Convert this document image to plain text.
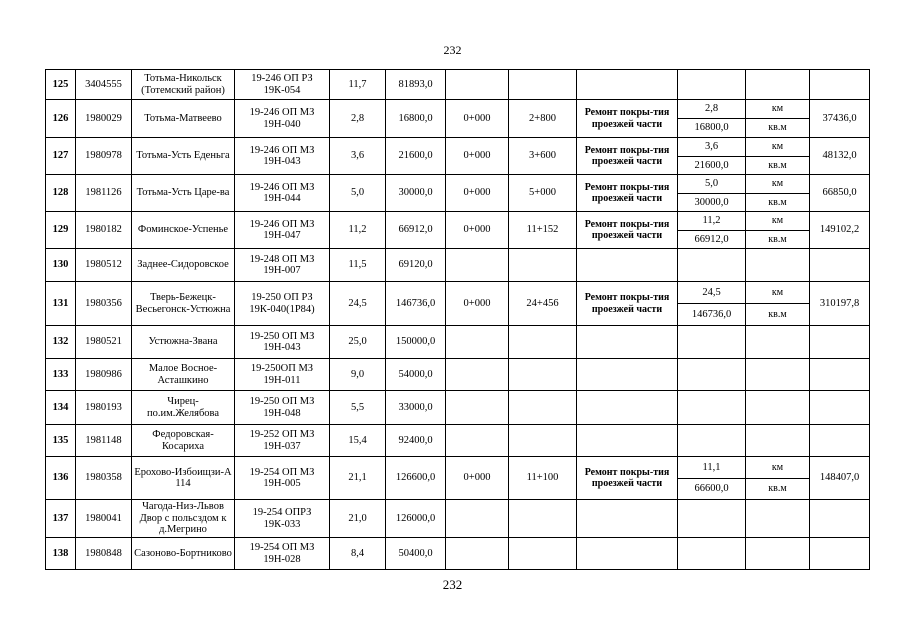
232
125	3404555	Тотьма-Никольск (Тотемский район)	19-246 ОП РЗ 19К-054	11,7	81893,0						

126	1980029	Тотьма-Матвеево	19-246 ОП МЗ 19Н-040	2,8	16800,0	0+000	2+800	Ремонт покры-тия проезжей части	2,8	км	37436,0
									16800,0	кв.м	
127	1980978	Тотьма-Усть Еденьга	19-246 ОП МЗ 19Н-043	3,6	21600,0	0+000	3+600	Ремонт покры-тия проезжей части	3,6	км	48132,0
									21600,0	кв.м	
128	1981126	Тотьма-Усть Царе-ва	19-246 ОП МЗ 19Н-044	5,0	30000,0	0+000	5+000	Ремонт покры-тия проезжей части	5,0	км	66850,0
									30000,0	кв.м	
129	1980182	Фоминское-Успенье	19-246 ОП МЗ 19Н-047	11,2	66912,0	0+000	11+152	Ремонт покры-тия проезжей части	11,2	км	149102,2
									66912,0	кв.м	
130	1980512	Заднее-Сидоровское	19-248 ОП МЗ 19Н-007	11,5	69120,0						

131	1980356	Тверь-Бежецк-Весьегонск-Устюжна	19-250 ОП РЗ 19К-040(1Р84)	24,5	146736,0	0+000	24+456	Ремонт покры-тия проезжей части	24,5	км	310197,8
									146736,0	кв.м	
132	1980521	Устюжна-Звана	19-250 ОП МЗ 19Н-043	25,0	150000,0						

133	1980986	Малое Восное-Асташкино	19-250ОП МЗ 19Н-011	9,0	54000,0						

134	1980193	Чирец-по.им.Желябова	19-250 ОП МЗ 19Н-048	5,5	33000,0						

135	1981148	Федоровская-Косариха	19-252 ОП МЗ 19Н-037	15,4	92400,0						

136	1980358	Ерохово-Избоищзи-А 114	19-254 ОП МЗ 19Н-005	21,1	126600,0	0+000	11+100	Ремонт покры-тия проезжей части	11,1	км	148407,0
									66600,0	кв.м	
137	1980041	Чагода-Низ-Львов Двор с польсздом к д.Мегрино	19-254 ОПРЗ 19К-033	21,0	126000,0						

138	1980848	Сазоново-Бортниково	19-254 ОП МЗ 19Н-028	8,4	50400,0						

232
